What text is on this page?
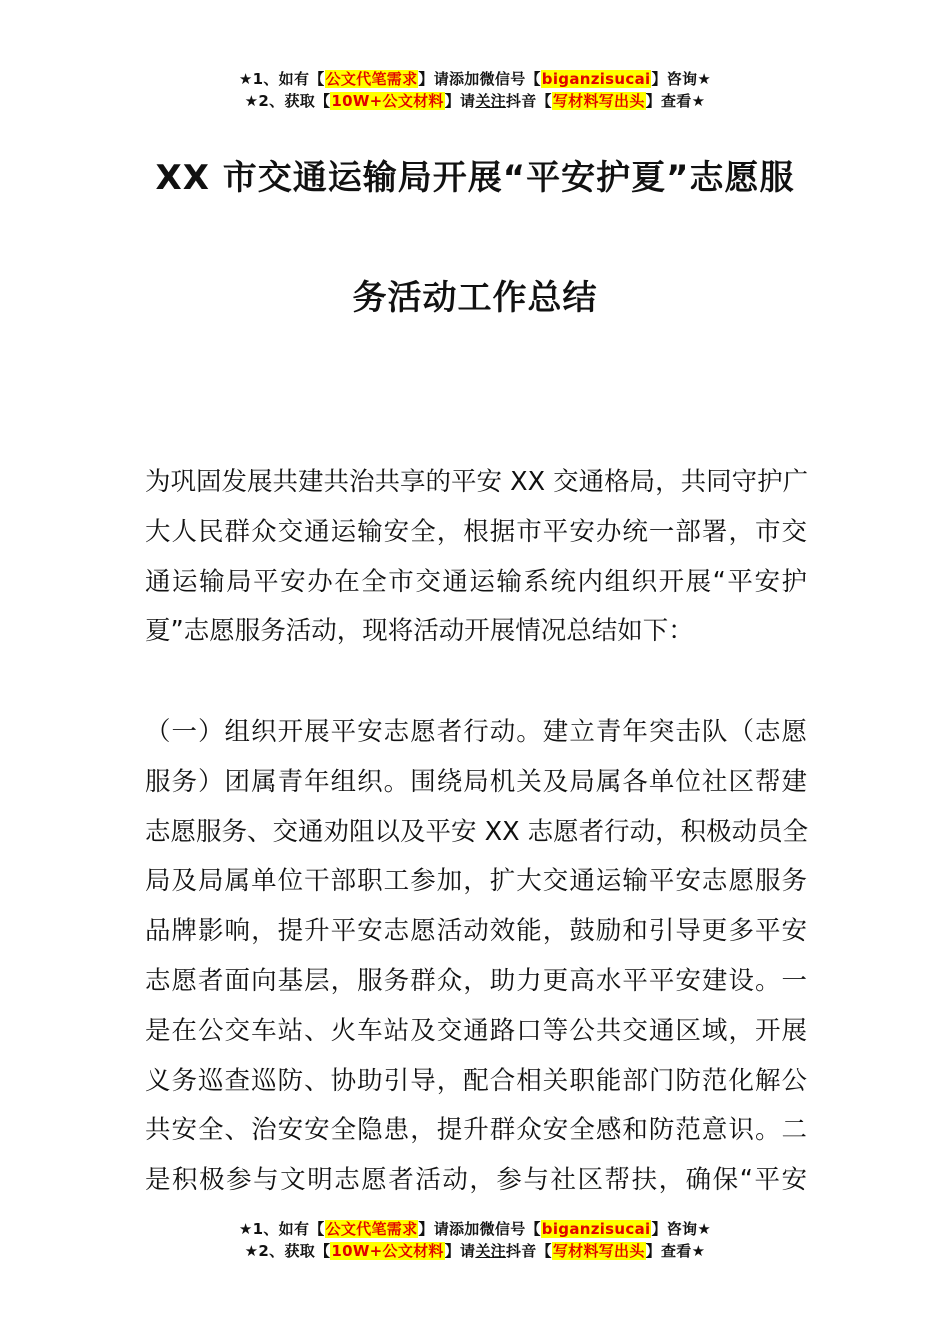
★1、如有【公文代笔需求】请添加微信号【biganzisucai】咨询★
★2、获取【10W+公文材料】请关注抖音【写材料写出头】查看★
XX 市交通运输局开展“平安护夏”志愿服
务活动工作总结
为巩固发展共建共治共享的平安 XX 交通格局，共同守护广
大人民群众交通运输安全，根据市平安办统一部署，市交
通运输局平安办在全市交通运输系统内组织开展“平安护
夏”志愿服务活动，现将活动开展情况总结如下：
（一）组织开展平安志愿者行动。建立青年突击队（志愿
服务）团属青年组织。围绕局机关及局属各单位社区帮建
志愿服务、交通劝阻以及平安 XX 志愿者行动，积极动员全
局及局属单位干部职工参加，扩大交通运输平安志愿服务
品牌影响，提升平安志愿活动效能，鼓励和引导更多平安
志愿者面向基层，服务群众，助力更高水平平安建设。一
是在公交车站、火车站及交通路口等公共交通区域，开展
义务巡查巡防、协助引导，配合相关职能部门防范化解公
共安全、治安安全隐患，提升群众安全感和防范意识。二
是积极参与文明志愿者活动，参与社区帮扶，确保“平安
★1、如有【公文代笔需求】请添加微信号【biganzisucai】咨询★
★2、获取【10W+公文材料】请关注抖音【写材料写出头】查看★
